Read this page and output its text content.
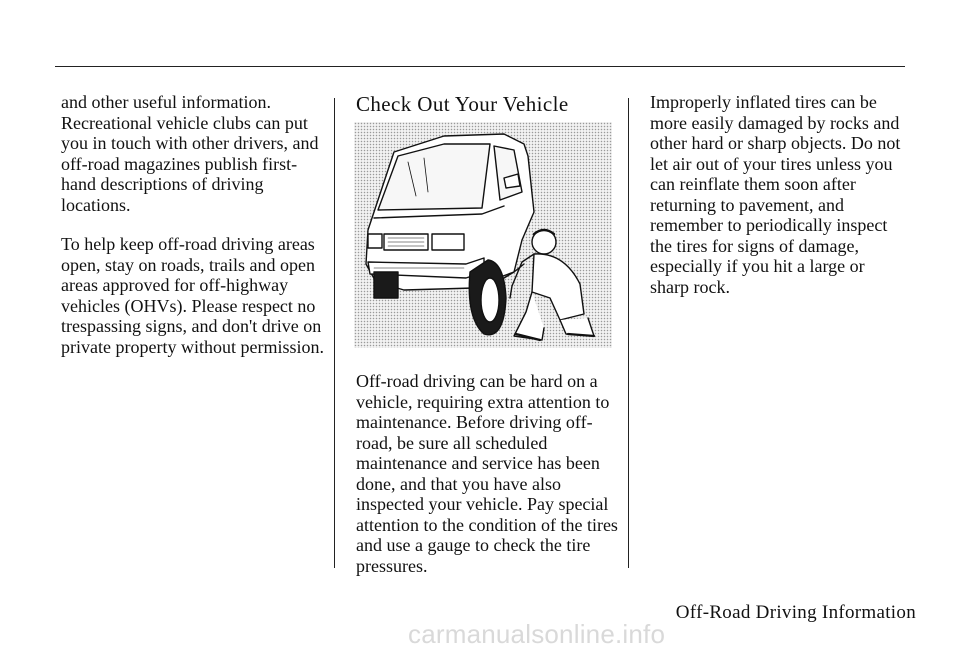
and other useful information. Recreational vehicle clubs can put you in touch with other drivers, and off-road magazines publish first-hand descriptions of driving locations.

To help keep off-road driving areas open, stay on roads, trails and open areas approved for off-highway vehicles (OHVs). Please respect no trespassing signs, and don't drive on private property without permission.

Check Out Your Vehicle

Off-road driving can be hard on a vehicle, requiring extra attention to maintenance. Before driving off-road, be sure all scheduled maintenance and service has been done, and that you have also inspected your vehicle. Pay special attention to the condition of the tires and use a gauge to check the tire pressures.

Improperly inflated tires can be more easily damaged by rocks and other hard or sharp objects. Do not let air out of your tires unless you can reinflate them soon after returning to pavement, and remember to periodically inspect the tires for signs of damage, especially if you hit a large or sharp rock.

Off-Road Driving Information
carmanualsonline.info
